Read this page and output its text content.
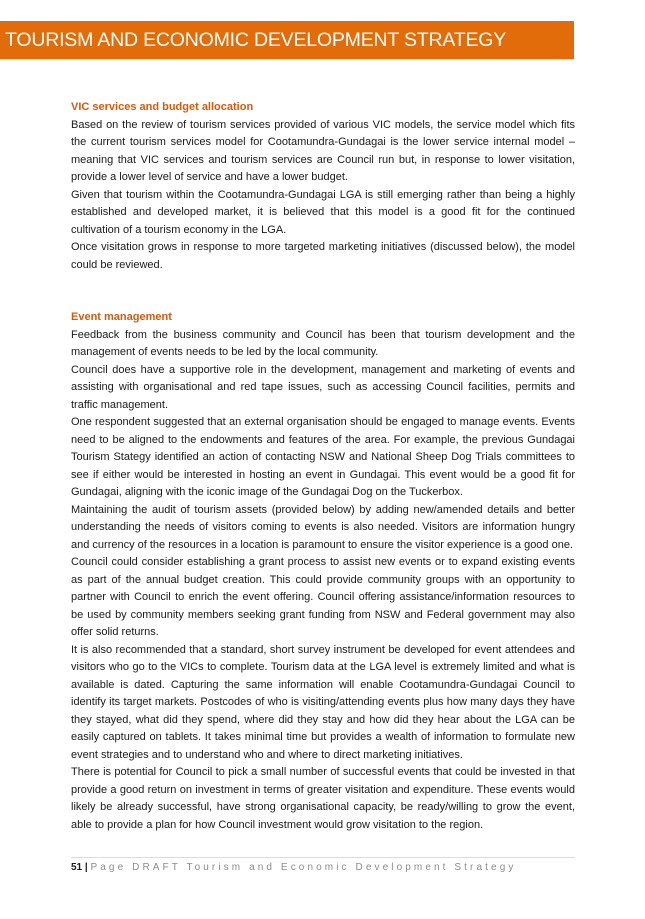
TOURISM AND ECONOMIC DEVELOPMENT STRATEGY

VIC services and budget allocation

Based on the review of tourism services provided of various VIC models, the service model which fits the current tourism services model for Cootamundra-Gundagai is the lower service internal model – meaning that VIC services and tourism services are Council run but, in response to lower visitation, provide a lower level of service and have a lower budget.

Given that tourism within the Cootamundra-Gundagai LGA is still emerging rather than being a highly established and developed market, it is believed that this model is a good fit for the continued cultivation of a tourism economy in the LGA.

Once visitation grows in response to more targeted marketing initiatives (discussed below), the model could be reviewed.

Event management

Feedback from the business community and Council has been that tourism development and the management of events needs to be led by the local community.

Council does have a supportive role in the development, management and marketing of events and assisting with organisational and red tape issues, such as accessing Council facilities, permits and traffic management.

One respondent suggested that an external organisation should be engaged to manage events. Events need to be aligned to the endowments and features of the area. For example, the previous Gundagai Tourism Stategy identified an action of contacting NSW and National Sheep Dog Trials committees to see if either would be interested in hosting an event in Gundagai. This event would be a good fit for Gundagai, aligning with the iconic image of the Gundagai Dog on the Tuckerbox.

Maintaining the audit of tourism assets (provided below) by adding new/amended details and better understanding the needs of visitors coming to events is also needed. Visitors are information hungry and currency of the resources in a location is paramount to ensure the visitor experience is a good one.

Council could consider establishing a grant process to assist new events or to expand existing events as part of the annual budget creation. This could provide community groups with an opportunity to partner with Council to enrich the event offering. Council offering assistance/information resources to be used by community members seeking grant funding from NSW and Federal government may also offer solid returns.

It is also recommended that a standard, short survey instrument be developed for event attendees and visitors who go to the VICs to complete. Tourism data at the LGA level is extremely limited and what is available is dated. Capturing the same information will enable Cootamundra-Gundagai Council to identify its target markets. Postcodes of who is visiting/attending events plus how many days they have they stayed, what did they spend, where did they stay and how did they hear about the LGA can be easily captured on tablets. It takes minimal time but provides a wealth of information to formulate new event strategies and to understand who and where to direct marketing initiatives.

There is potential for Council to pick a small number of successful events that could be invested in that provide a good return on investment in terms of greater visitation and expenditure. These events would likely be already successful, have strong organisational capacity, be ready/willing to grow the event, able to provide a plan for how Council investment would grow visitation to the region.

51 | Page DRAFT Tourism and Economic Development Strategy
